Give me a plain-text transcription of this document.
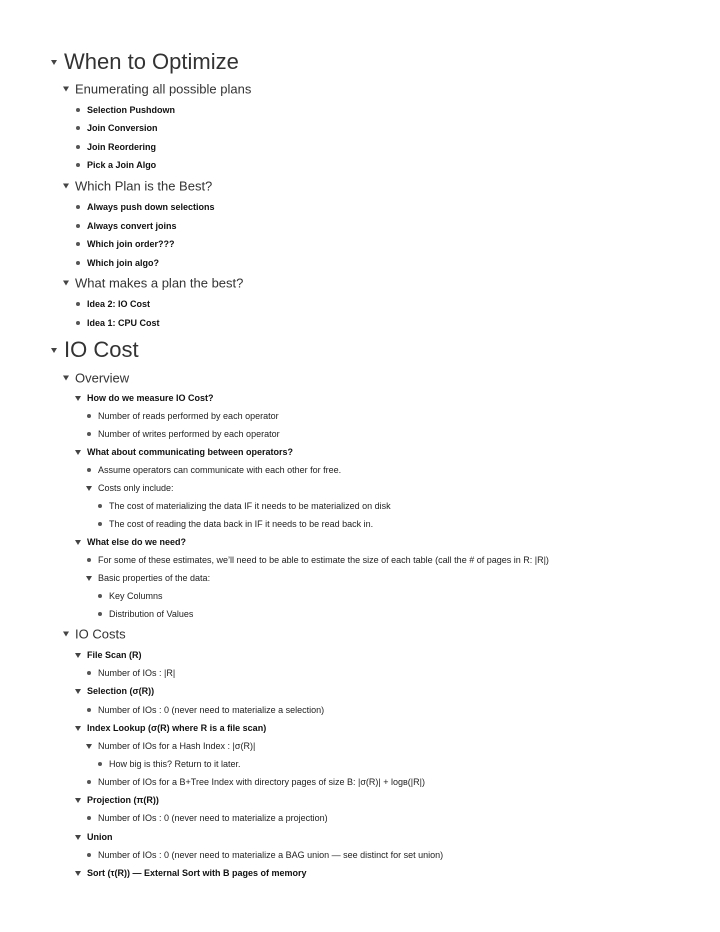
When to Optimize
Enumerating all possible plans
Selection Pushdown
Join Conversion
Join Reordering
Pick a Join Algo
Which Plan is the Best?
Always push down selections
Always convert joins
Which join order???
Which join algo?
What makes a plan the best?
Idea 2: IO Cost
Idea 1: CPU Cost
IO Cost
Overview
How do we measure IO Cost?
Number of reads performed by each operator
Number of writes performed by each operator
What about communicating between operators?
Assume operators can communicate with each other for free.
Costs only include:
The cost of materializing the data IF it needs to be materialized on disk
The cost of reading the data back in IF it needs to be read back in.
What else do we need?
For some of these estimates, we’ll need to be able to estimate the size of each table (call the # of pages in R: |R|)
Basic properties of the data:
Key Columns
Distribution of Values
IO Costs
File Scan (R)
Number of IOs : |R|
Selection (σ(R))
Number of IOs : 0 (never need to materialize a selection)
Index Lookup (σ(R) where R is a file scan)
Number of IOs for a Hash Index : |σ(R)|
How big is this? Return to it later.
Number of IOs for a B+Tree Index with directory pages of size B: |σ(R)| + logʙ(|R|)
Projection (π(R))
Number of IOs : 0 (never need to materialize a projection)
Union
Number of IOs : 0 (never need to materialize a BAG union — see distinct for set union)
Sort (τ(R)) — External Sort with B pages of memory
